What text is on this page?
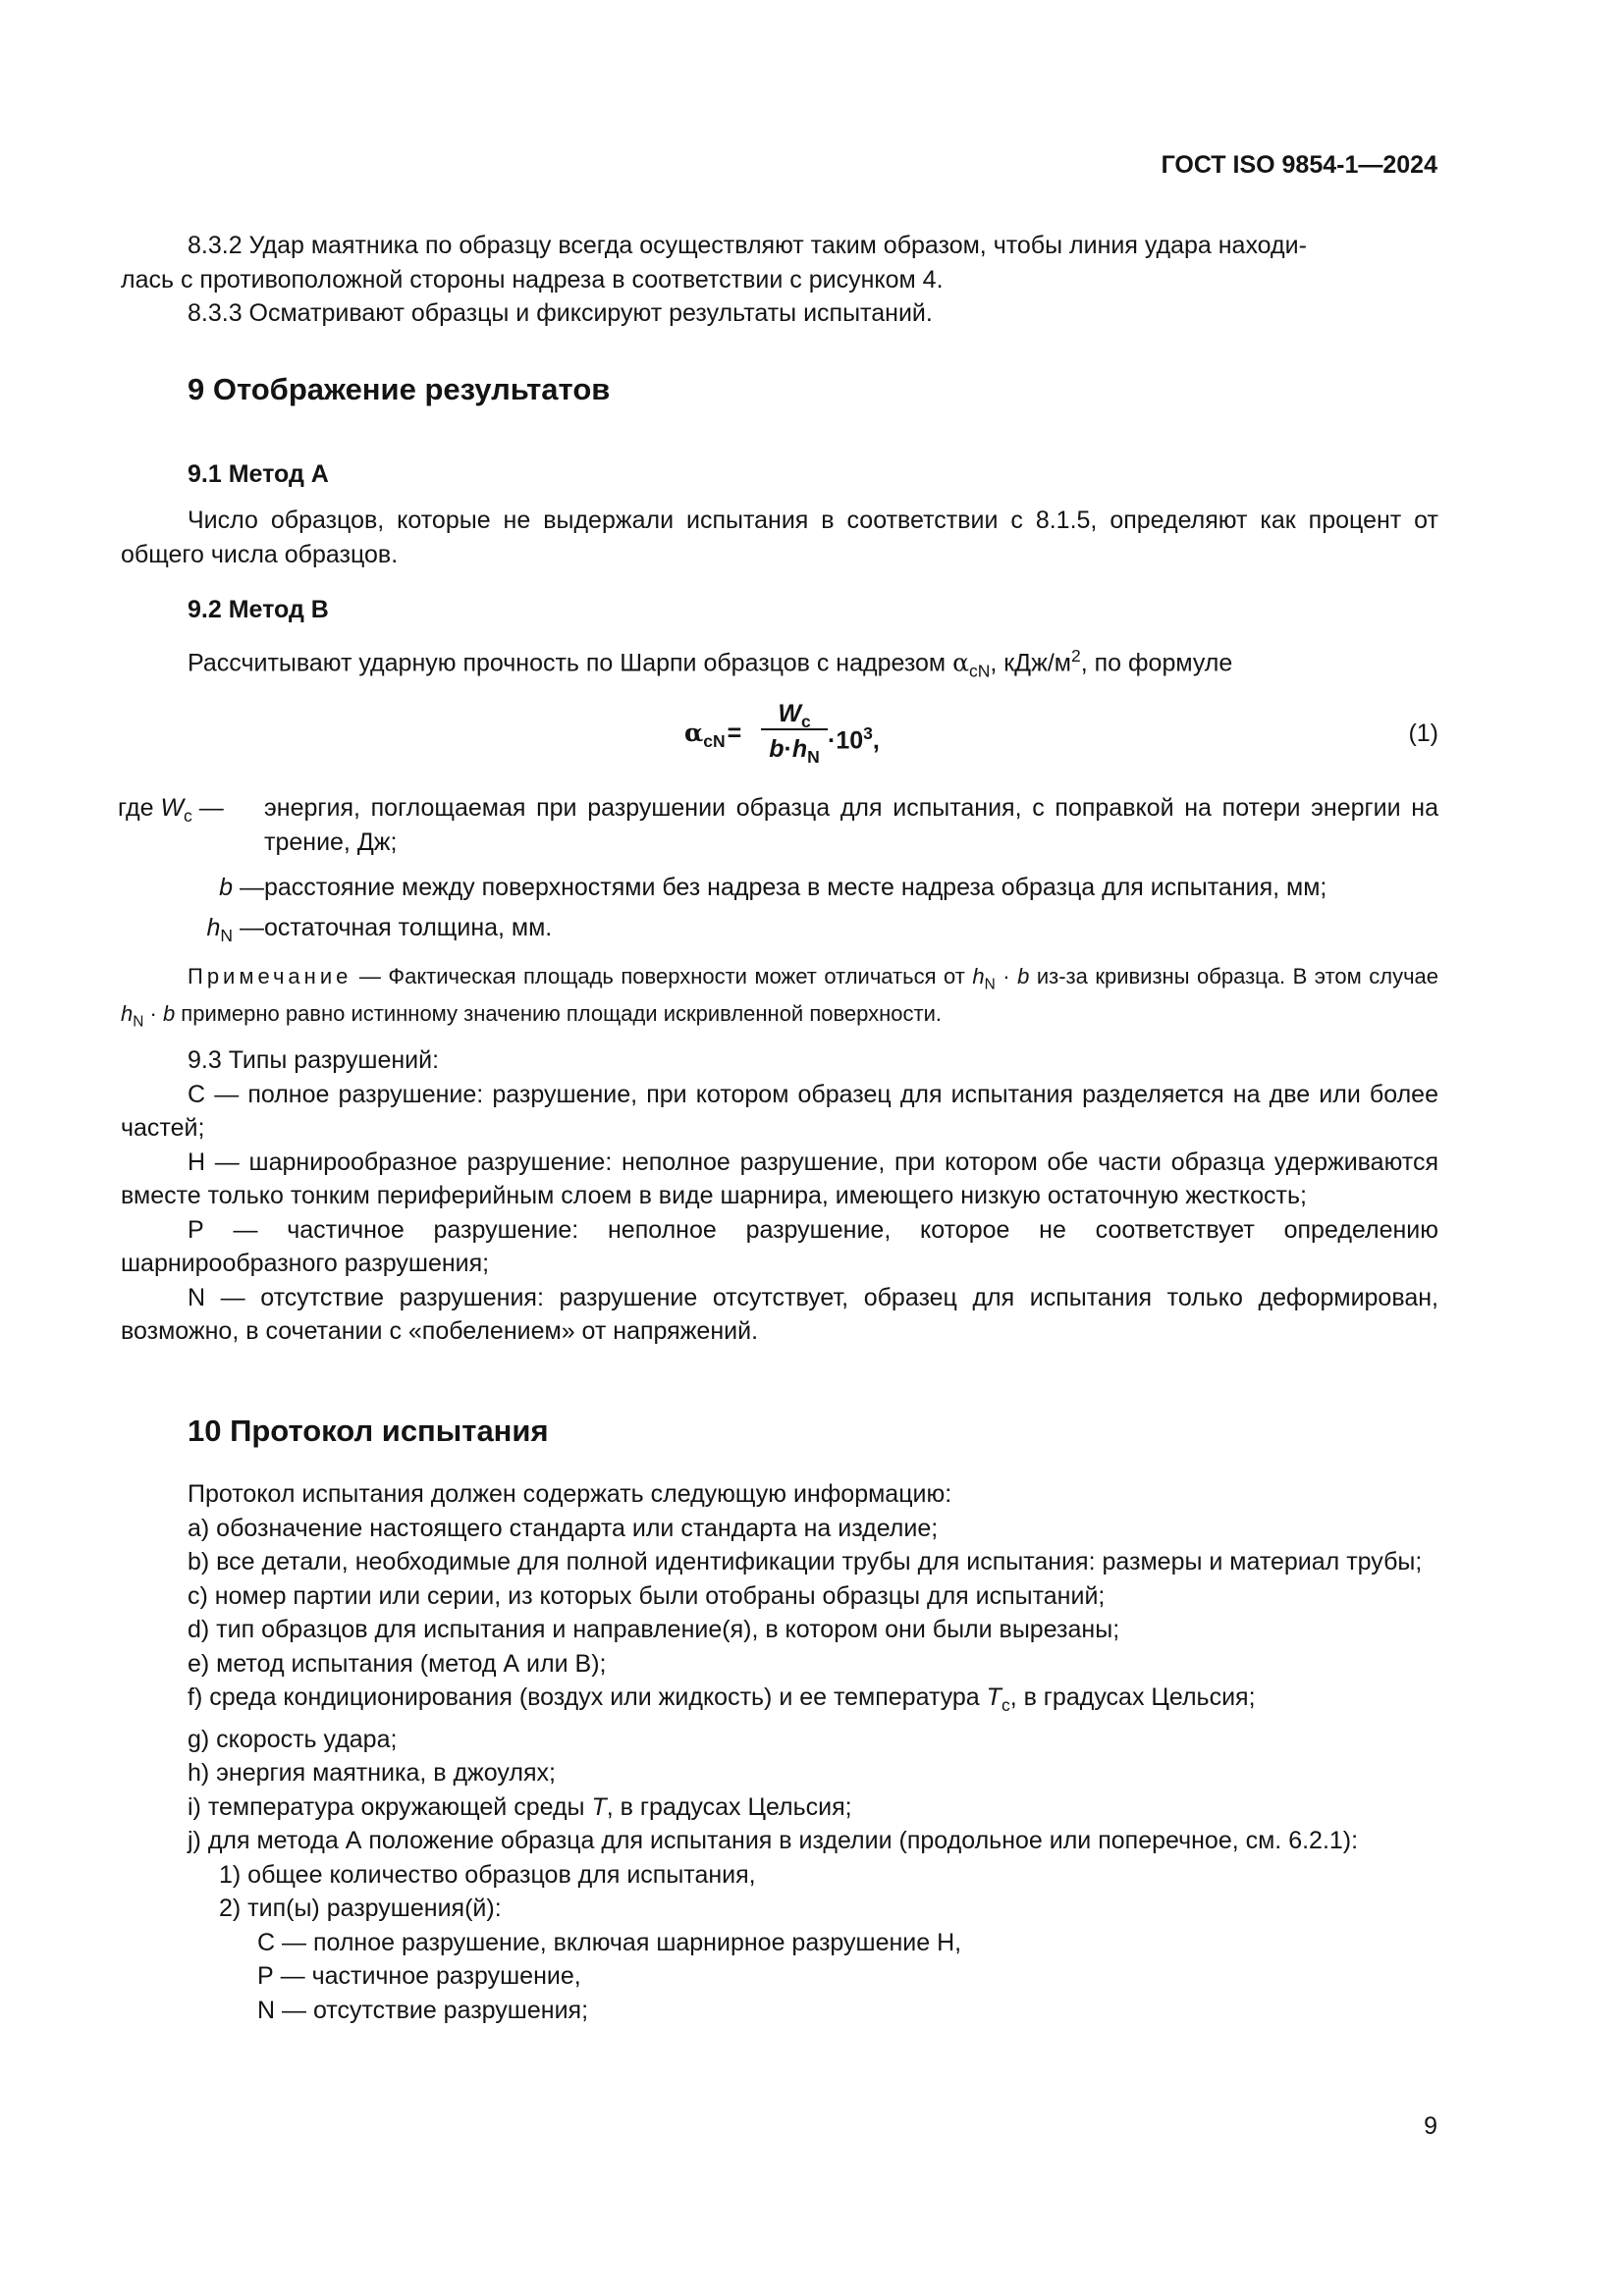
ГОСТ ISO 9854-1—2024

8.3.2 Удар маятника по образцу всегда осуществляют таким образом, чтобы линия удара находи-

лась с противоположной стороны надреза в соответствии с рисунком 4.

8.3.3 Осматривают образцы и фиксируют результаты испытаний.

9 Отображение результатов
9.1 Метод А

Число образцов, которые не выдержали испытания в соответствии с 8.1.5, определяют как процент от общего числа образцов.

9.2 Метод В

Рассчитывают ударную прочность по Шарпи образцов с надрезом $\alpha_{cN}$, кДж/$м^2$, по формуле

$\alpha_{cN}=$
$W_c$
$b\cdot h_N$
$\cdot 10^3$,	(1)
где $W_c$ —	энергия, поглощаемая при разрушении образца для испытания, с поправкой на потери энергии на трение, Дж;
b — расстояние между поверхностями без надреза в месте надреза образца для испытания, мм;
$h_N$ — остаточная толщина, мм.

Примечание — Фактическая площадь поверхности может отличаться от $h_N \cdot b$ из-за кривизны образца. В этом случае $h_N \cdot b$ примерно равно истинному значению площади искривленной поверхности.

9.3 Типы разрушений:

С — полное разрушение: разрушение, при котором образец для испытания разделяется на две или более частей;

Н — шарнирообразное разрушение: неполное разрушение, при котором обе части образца удерживаются вместе только тонким периферийным слоем в виде шарнира, имеющего низкую остаточную жесткость;

Р — частичное разрушение: неполное разрушение, которое не соответствует определению шарнирообразного разрушения;

N — отсутствие разрушения: разрушение отсутствует, образец для испытания только деформирован, возможно, в сочетании с «побелением» от напряжений.

10 Протокол испытания

Протокол испытания должен содержать следующую информацию:

a) обозначение настоящего стандарта или стандарта на изделие;

b) все детали, необходимые для полной идентификации трубы для испытания: размеры и материал трубы;

c) номер партии или серии, из которых были отобраны образцы для испытаний;

d) тип образцов для испытания и направление(я), в котором они были вырезаны;

e) метод испытания (метод А или В);

f) среда кондиционирования (воздух или жидкость) и ее температура $T_c$, в градусах Цельсия;

g) скорость удара;

h) энергия маятника, в джоулях;

i) температура окружающей среды T, в градусах Цельсия;

j) для метода А положение образца для испытания в изделии (продольное или поперечное, см. 6.2.1):

1) общее количество образцов для испытания,

2) тип(ы) разрушения(й):

С — полное разрушение, включая шарнирное разрушение Н,

Р — частичное разрушение,

N — отсутствие разрушения;

9
